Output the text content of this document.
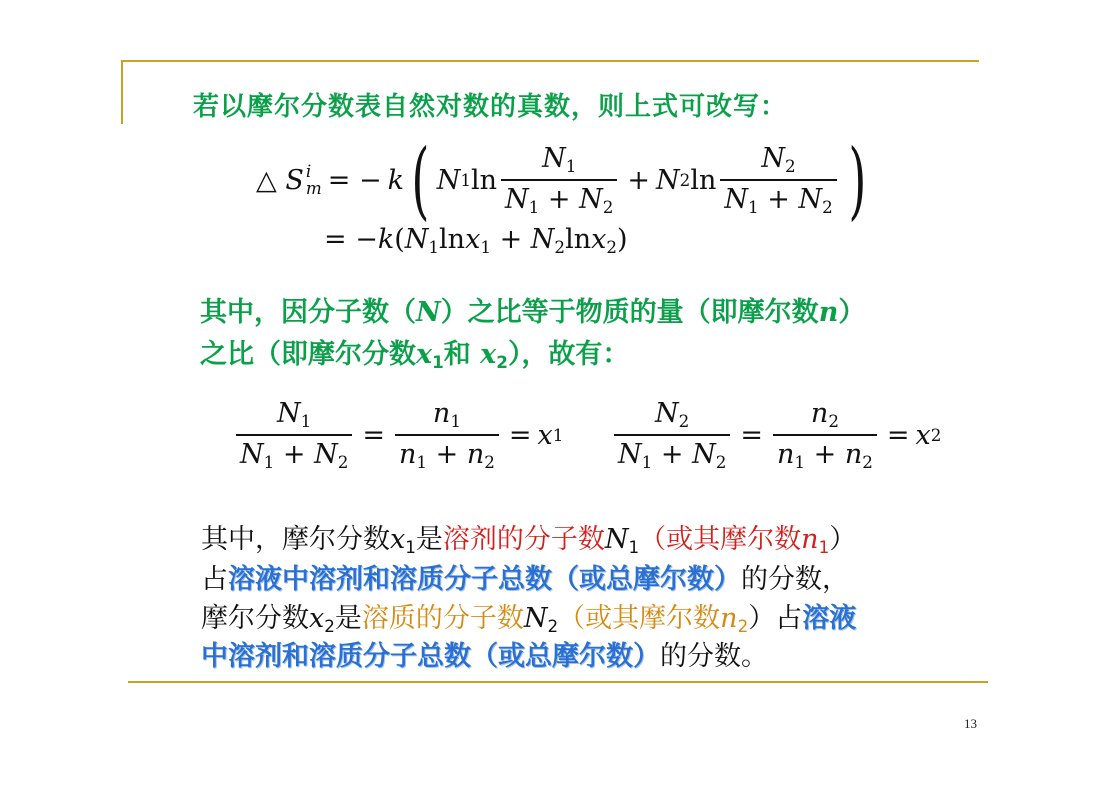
若以摩尔分数表自然对数的真数，则上式可改写：
△
S i
m = − k ( N 1 $\ln \frac{N_1}{N_1 + N_2} + N$ 2 $\ln \frac{N_2}{N_1 + N_2}$ )
= $-k(N_1\ln x_1 + N_2\ln x_2)$
其中，因分子数（N）之比等于物质的量（即摩尔数n）
之比（即摩尔分数$x_1$和 $x_2$），故有：
$\frac{N_1}{N_1 + N_2} = \frac{n_1}{n_1 + n_2} = x$ $1 \frac{N_2}{N_1 + N_2} = \frac{n_2}{n_1 + n_2} = x$ 2
其中，摩尔分数$x_1$是溶剂的分子数$N_1$（或其摩尔数$n_1$）
占溶液中溶剂和溶质分子总数（或总摩尔数）的分数，
摩尔分数$x_2$是溶质的分子数$N_2$（或其摩尔数$n_2$）占溶液
中溶剂和溶质分子总数（或总摩尔数）的分数。
13
